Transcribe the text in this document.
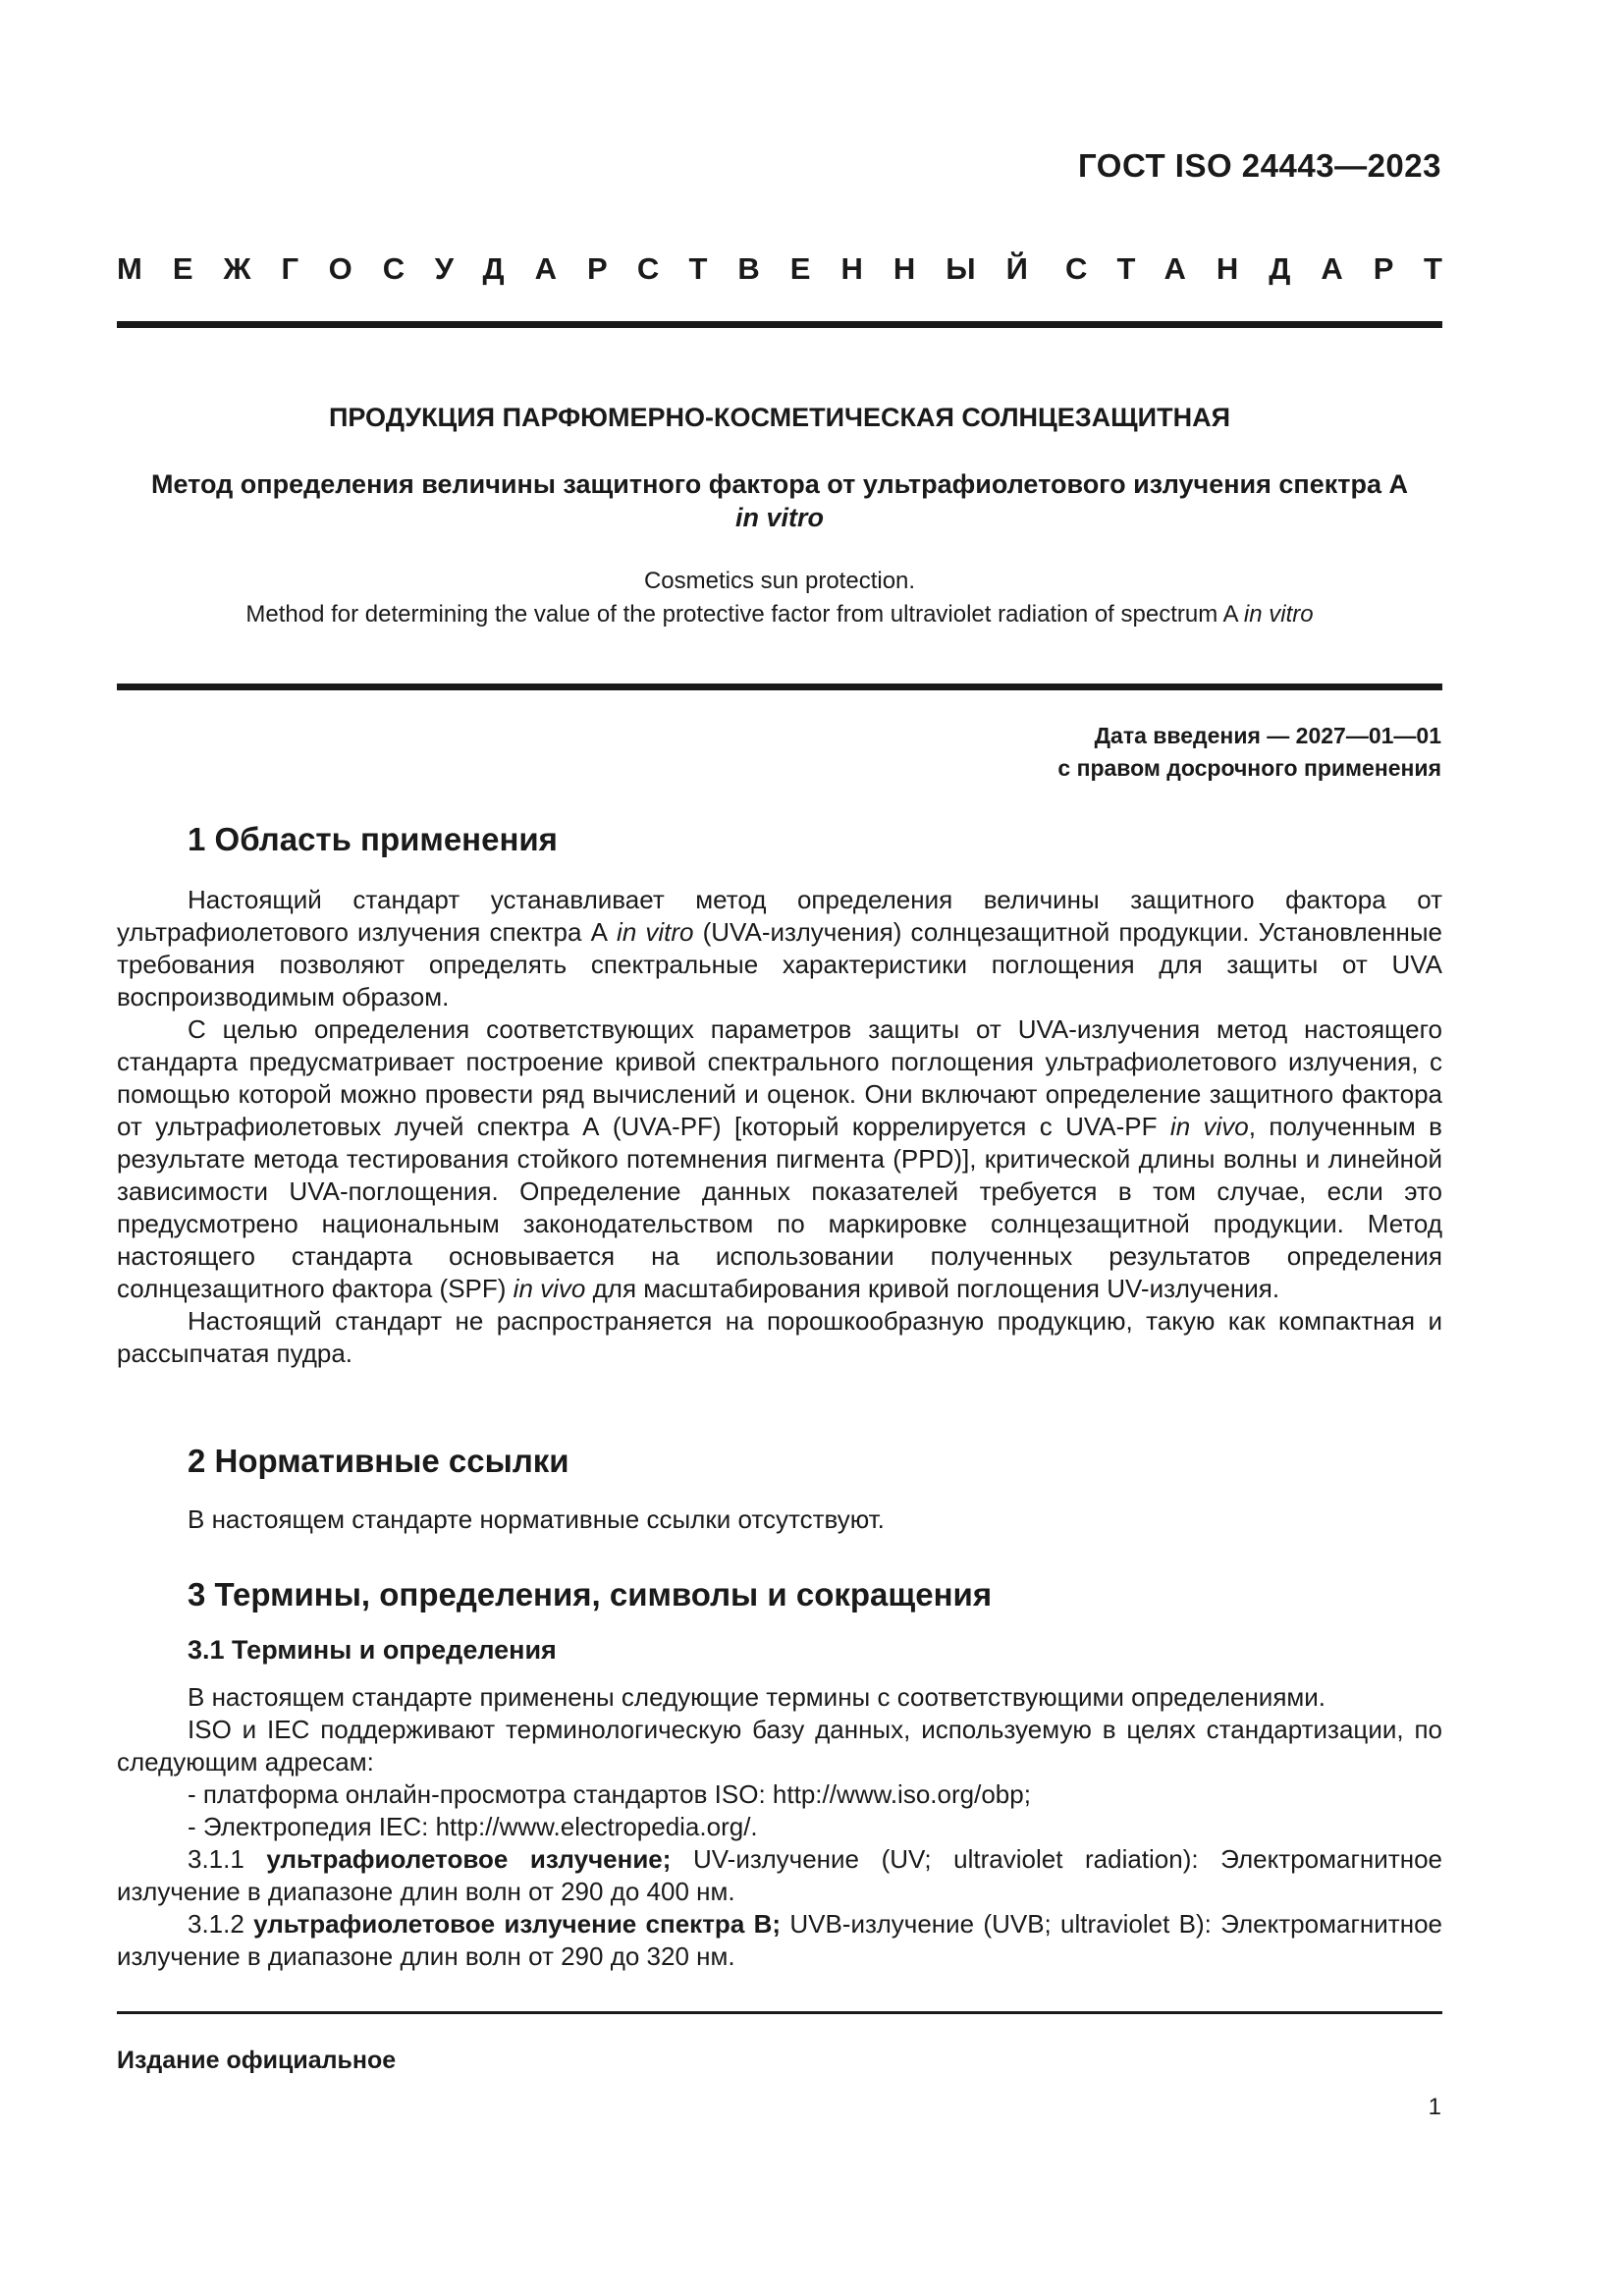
ГОСТ ISO 24443—2023
МЕЖГОСУДАРСТВЕННЫЙ СТАНДАРТ
ПРОДУКЦИЯ ПАРФЮМЕРНО-КОСМЕТИЧЕСКАЯ СОЛНЦЕЗАЩИТНАЯ
Метод определения величины защитного фактора от ультрафиолетового излучения спектра А
in vitro
Cosmetics sun protection.
Method for determining the value of the protective factor from ultraviolet radiation of spectrum A in vitro
Дата введения — 2027—01—01
с правом досрочного применения
1 Область применения

Настоящий стандарт устанавливает метод определения величины защитного фактора от ультрафиолетового излучения спектра А in vitro (UVA-излучения) солнцезащитной продукции. Установленные требования позволяют определять спектральные характеристики поглощения для защиты от UVA воспроизводимым образом.

С целью определения соответствующих параметров защиты от UVA-излучения метод настоящего стандарта предусматривает построение кривой спектрального поглощения ультрафиолетового излучения, с помощью которой можно провести ряд вычислений и оценок. Они включают определение защитного фактора от ультрафиолетовых лучей спектра А (UVA-PF) [который коррелируется с UVA-PF in vivo, полученным в результате метода тестирования стойкого потемнения пигмента (PPD)], критической длины волны и линейной зависимости UVA-поглощения. Определение данных показателей требуется в том случае, если это предусмотрено национальным законодательством по маркировке солнцезащитной продукции. Метод настоящего стандарта основывается на использовании полученных результатов определения солнцезащитного фактора (SPF) in vivo для масштабирования кривой поглощения UV-излучения.

Настоящий стандарт не распространяется на порошкообразную продукцию, такую как компактная и рассыпчатая пудра.

2 Нормативные ссылки

В настоящем стандарте нормативные ссылки отсутствуют.

3 Термины, определения, символы и сокращения
3.1 Термины и определения

В настоящем стандарте применены следующие термины с соответствующими определениями.

ISO и IEC поддерживают терминологическую базу данных, используемую в целях стандартизации, по следующим адресам:

- платформа онлайн-просмотра стандартов ISO: http://www.iso.org/obp;

- Электропедия IEC: http://www.electropedia.org/.

3.1.1 ультрафиолетовое излучение; UV-излучение (UV; ultraviolet radiation): Электромагнитное излучение в диапазоне длин волн от 290 до 400 нм.

3.1.2 ультрафиолетовое излучение спектра В; UVB-излучение (UVB; ultraviolet B): Электромагнитное излучение в диапазоне длин волн от 290 до 320 нм.

Издание официальное
1
